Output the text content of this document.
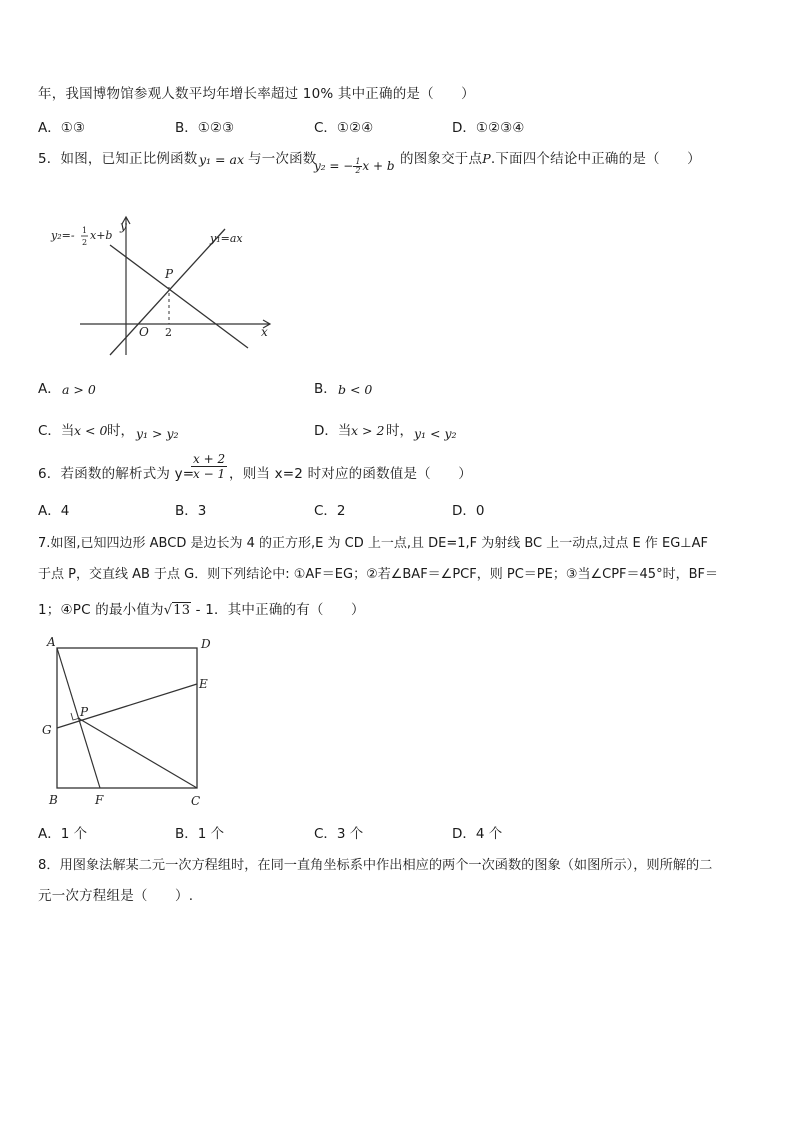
年，我国博物馆参观人数平均年增长率超过 10% 其中正确的是（　　）
A．①③	B．①②③	C．①②④	D．①②③④
5．如图，已知正比例函数 y₁ = ax 与一次函数
y₂ = − $\frac{1}{2}$ x + b 的图象交于点P.下面四个结论中正确的是（　　）
y₂=- 1
2
x+b	y₁=ax
y
x
O
P
2
A． a > 0	B． b < 0
C．当 x < 0 时， y₁ > y₂	D．当 x > 2 时， y₁ < y₂
6．若函数的解析式为 y=
$\frac{x + 2}{x - 1}$ ，则当 x=2 时对应的函数值是（　　）
A．4	B．3	C．2	D．0
7.如图,已知四边形 ABCD 是边长为 4 的正方形,E 为 CD 上一点,且 DE=1,F 为射线 BC 上一动点,过点 E 作 EG⊥AF
于点 P，交直线 AB 于点 G．则下列结论中: ①AF＝EG；②若∠BAF＝∠PCF，则 PC＝PE；③当∠CPF＝45°时，BF＝
1；④PC 的最小值为√13 - 1．其中正确的有（　　）
A	D
E
G
P
B	F	C
A．1 个	B．1 个	C．3 个	D．4 个
8．用图象法解某二元一次方程组时，在同一直角坐标系中作出相应的两个一次函数的图象（如图所示），则所解的二
元一次方程组是（　　）.
